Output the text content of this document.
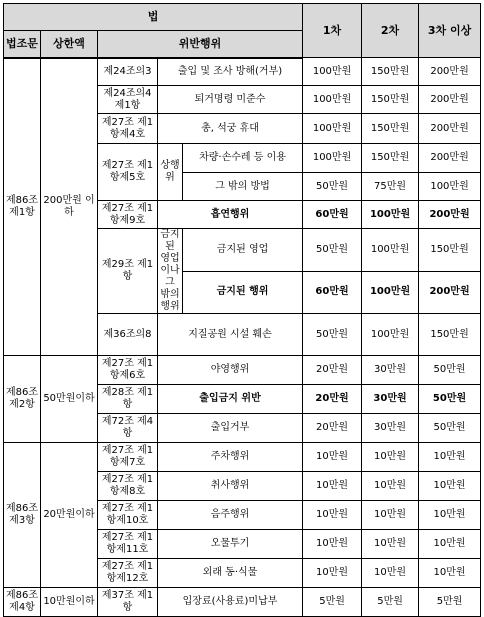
법					1차	2차	3차 이상
법조문	상한액	위반행위					
제86조 제1항	200만원 이하	제24조의3	출입 및 조사 방해(거부)		100만원	150만원	200만원
		제24조의4 제1항	퇴거명령 미준수		100만원	150만원	200만원
		제27조 제1항제4호	총, 석궁 휴대		100만원	150만원	200만원
		제27조 제1항제5호	상행위	차량·손수레 등 이용	100만원	150만원	200만원
				그 밖의 방법	50만원	75만원	100만원
		제27조 제1항제9호	흡연행위		60만원	100만원	200만원
		제29조 제1항	금지된 영업이나 그 밖의 행위	금지된 영업	50만원	100만원	150만원
				금지된 행위	60만원	100만원	200만원
		제36조의8	지질공원 시설 훼손		50만원	100만원	150만원
제86조 제2항	50만원이하	제27조 제1항제6호	야영행위		20만원	30만원	50만원
		제28조 제1항	출입금지 위반		20만원	30만원	50만원
		제72조 제4항	출입거부		20만원	30만원	50만원
제86조 제3항	20만원이하	제27조 제1항제7호	주차행위		10만원	10만원	10만원
		제27조 제1항제8호	취사행위		10만원	10만원	10만원
		제27조 제1항제10호	음주행위		10만원	10만원	10만원
		제27조 제1항제11호	오물투기		10만원	10만원	10만원
		제27조 제1항제12호	외래 동·식물		10만원	10만원	10만원
제86조 제4항	10만원이하	제37조 제1항	입장료(사용료)미납부		5만원	5만원	5만원
